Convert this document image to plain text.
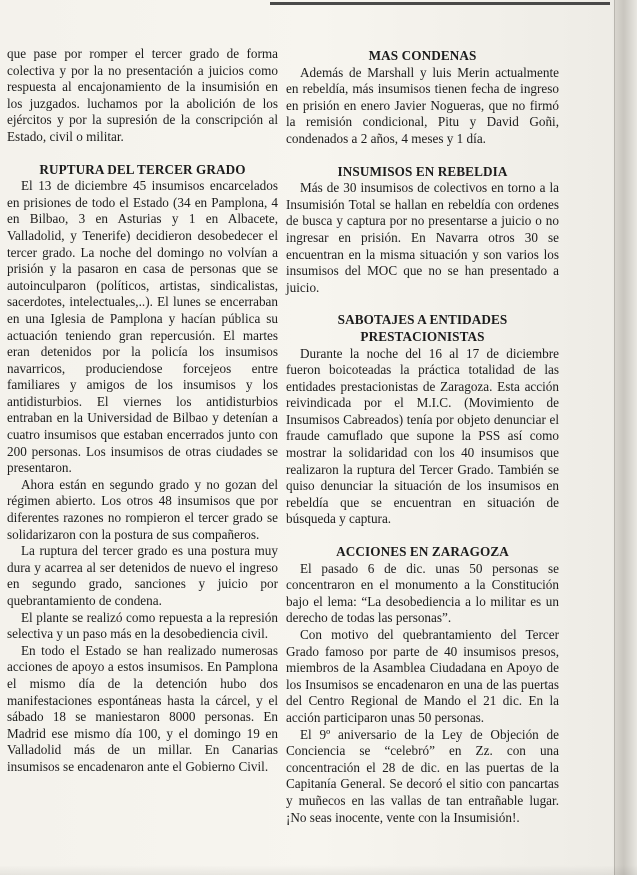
que pase por romper el tercer grado de forma colectiva y por la no presentación a juicios como respuesta al encajonamiento de la insumisión en los juzgados. luchamos por la abolición de los ejércitos y por la supresión de la conscripción al Estado, civil o militar.

RUPTURA DEL TERCER GRADO

El 13 de diciembre 45 insumisos encarcelados en prisiones de todo el Estado (34 en Pamplona, 4 en Bilbao, 3 en Asturias y 1 en Albacete, Valladolid, y Tenerife) decidieron desobedecer el tercer grado. La noche del domingo no volvían a prisión y la pasaron en casa de personas que se autoinculparon (políticos, artistas, sindicalistas, sacerdotes, intelectuales,..). El lunes se encerraban en una Iglesia de Pamplona y hacían pública su actuación teniendo gran repercusión. El martes eran detenidos por la policía los insumisos navarricos, produciendose forcejeos entre familiares y amigos de los insumisos y los antidisturbios. El viernes los antidisturbios entraban en la Universidad de Bilbao y detenían a cuatro insumisos que estaban encerrados junto con 200 personas. Los insumisos de otras ciudades se presentaron.

Ahora están en segundo grado y no gozan del régimen abierto. Los otros 48 insumisos que por diferentes razones no rompieron el tercer grado se solidarizaron con la postura de sus compañeros.

La ruptura del tercer grado es una postura muy dura y acarrea al ser detenidos de nuevo el ingreso en segundo grado, sanciones y juicio por quebrantamiento de condena.

El plante se realizó como repuesta a la represión selectiva y un paso más en la desobediencia civil.

En todo el Estado se han realizado numerosas acciones de apoyo a estos insumisos. En Pamplona el mismo día de la detención hubo dos manifestaciones espontáneas hasta la cárcel, y el sábado 18 se maniestaron 8000 personas. En Madrid ese mismo día 100, y el domingo 19 en Valladolid más de un millar. En Canarias insumisos se encadenaron ante el Gobierno Civil.

MAS CONDENAS

Además de Marshall y luis Merin actualmente en rebeldía, más insumisos tienen fecha de ingreso en prisión en enero Javier Nogueras, que no firmó la remisión condicional, Pitu y David Goñi, condenados a 2 años, 4 meses y 1 día.

INSUMISOS EN REBELDIA

Más de 30 insumisos de colectivos en torno a la Insumisión Total se hallan en rebeldía con ordenes de busca y captura por no presentarse a juicio o no ingresar en prisión. En Navarra otros 30 se encuentran en la misma situación y son varios los insumisos del MOC que no se han presentado a juicio.

SABOTAJES A ENTIDADES
PRESTACIONISTAS

Durante la noche del 16 al 17 de diciembre fueron boicoteadas la práctica totalidad de las entidades prestacionistas de Zaragoza. Esta acción reivindicada por el M.I.C. (Movimiento de Insumisos Cabreados) tenía por objeto denunciar el fraude camuflado que supone la PSS así como mostrar la solidaridad con los 40 insumisos que realizaron la ruptura del Tercer Grado. También se quiso denunciar la situación de los insumisos en rebeldía que se encuentran en situación de búsqueda y captura.

ACCIONES EN ZARAGOZA

El pasado 6 de dic. unas 50 personas se concentraron en el monumento a la Constitución bajo el lema: “La desobediencia a lo militar es un derecho de todas las personas”.

Con motivo del quebrantamiento del Tercer Grado famoso por parte de 40 insumisos presos, miembros de la Asamblea Ciudadana en Apoyo de los Insumisos se encadenaron en una de las puertas del Centro Regional de Mando el 21 dic. En la acción participaron unas 50 personas.

El 9º aniversario de la Ley de Objeción de Conciencia se “celebró” en Zz. con una concentración el 28 de dic. en las puertas de la Capitanía General. Se decoró el sitio con pancartas y muñecos en las vallas de tan entrañable lugar. ¡No seas inocente, vente con la Insumisión!.
